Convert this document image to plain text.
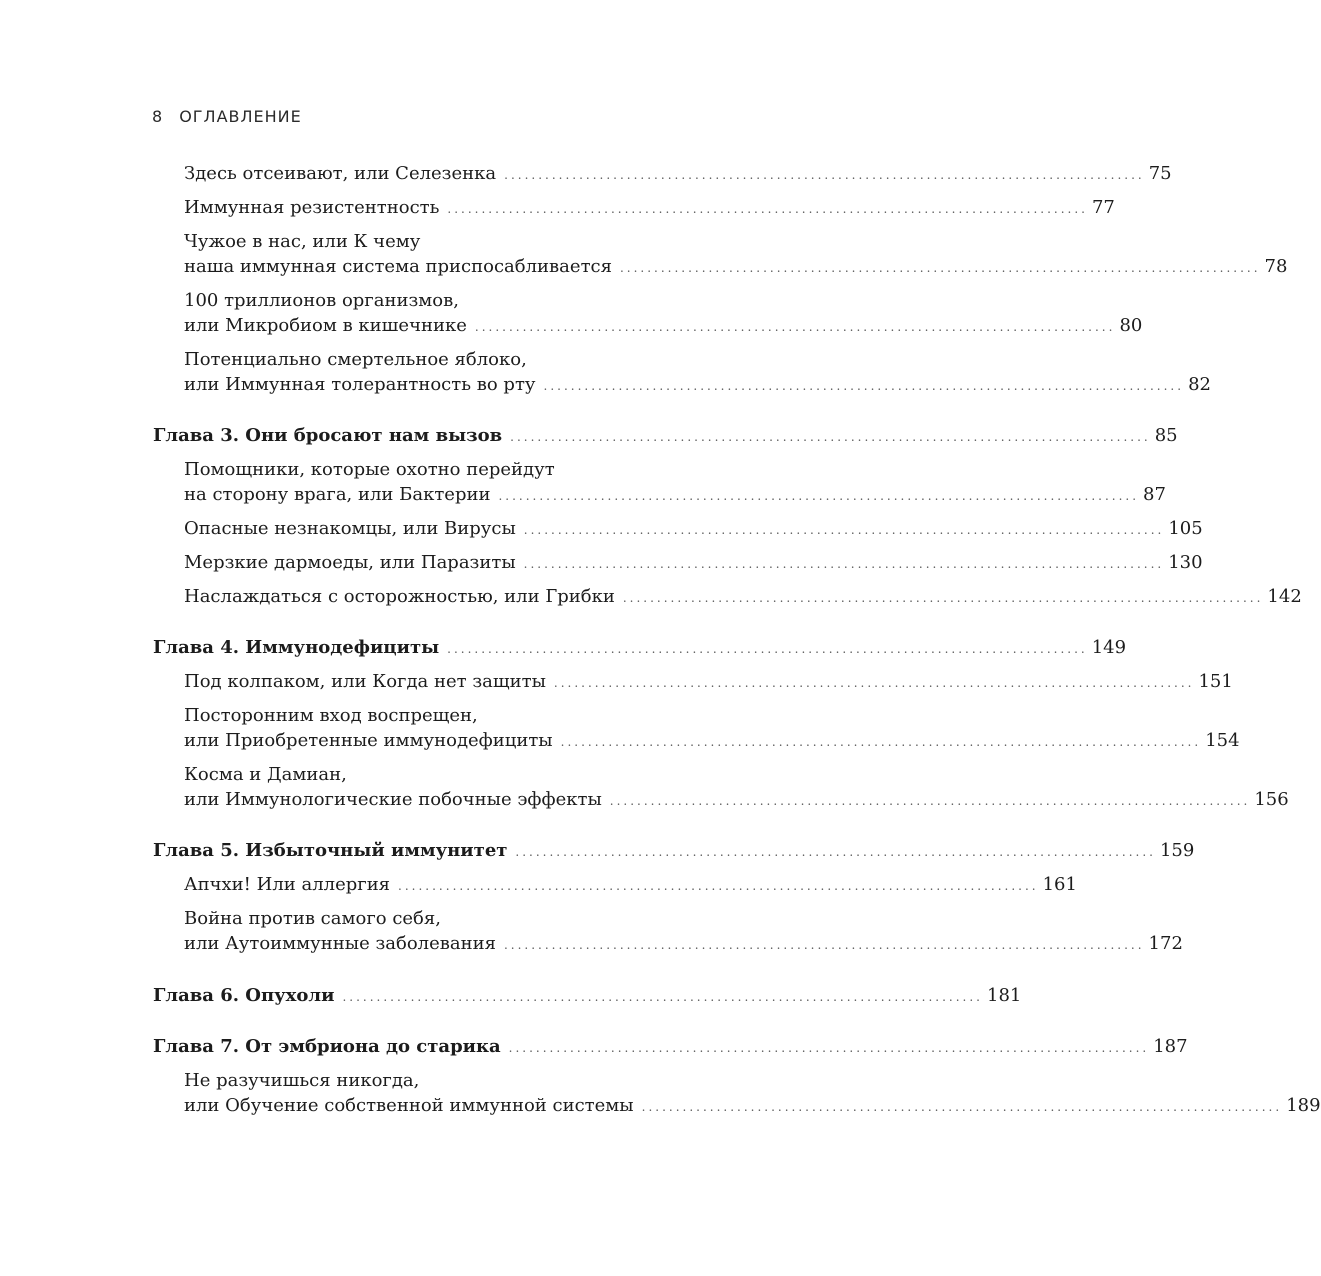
8 ОГЛАВЛЕНИЕ
Здесь отсеивают, или Селезенка .............................................................................................. 75
Иммунная резистентность .............................................................................................. 77
Чужое в нас, или К чему
наша иммунная система приспосабливается .............................................................................................. 78
100 триллионов организмов,
или Микробиом в кишечнике .............................................................................................. 80
Потенциально смертельное яблоко,
или Иммунная толерантность во рту .............................................................................................. 82
Глава 3. Они бросают нам вызов .............................................................................................. 85
Помощники, которые охотно перейдут
на сторону врага, или Бактерии .............................................................................................. 87
Опасные незнакомцы, или Вирусы .............................................................................................. 105
Мерзкие дармоеды, или Паразиты .............................................................................................. 130
Наслаждаться с осторожностью, или Грибки .............................................................................................. 142
Глава 4. Иммунодефициты .............................................................................................. 149
Под колпаком, или Когда нет защиты .............................................................................................. 151
Посторонним вход воспрещен,
или Приобретенные иммунодефициты .............................................................................................. 154
Косма и Дамиан,
или Иммунологические побочные эффекты .............................................................................................. 156
Глава 5. Избыточный иммунитет .............................................................................................. 159
Апчхи! Или аллергия .............................................................................................. 161
Война против самого себя,
или Аутоиммунные заболевания .............................................................................................. 172
Глава 6. Опухоли .............................................................................................. 181
Глава 7. От эмбриона до старика .............................................................................................. 187
Не разучишься никогда,
или Обучение собственной иммунной системы .............................................................................................. 189
